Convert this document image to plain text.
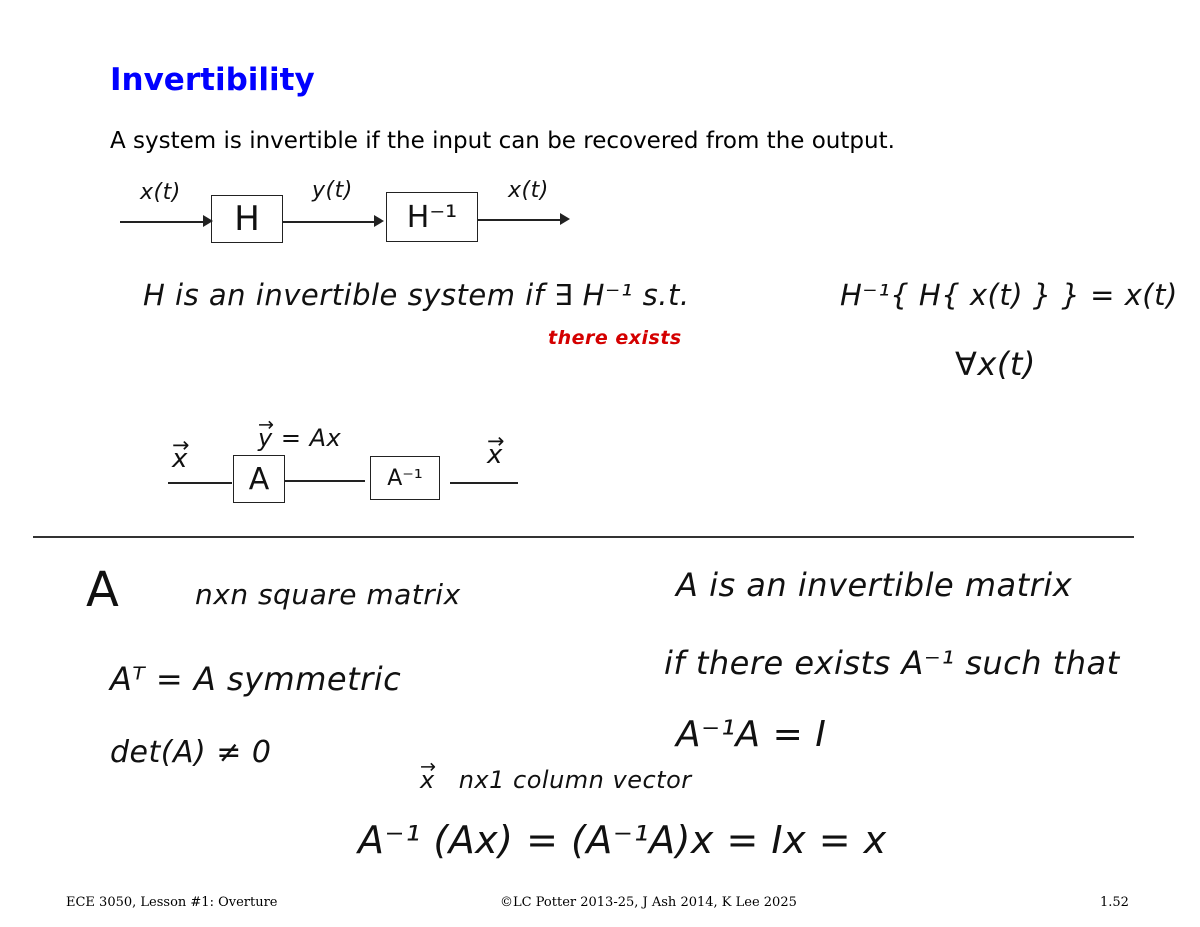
Invertibility

A system is invertible if the input can be recovered from the output.

x(t)
H
y(t)
H⁻¹
x(t)
H is an invertible system if ∃ H⁻¹ s.t.	H⁻¹{ H{ x(t) } } = x(t)
there exists
∀x(t)
→ x
A
→ y = Ax
A⁻¹
→ x
A	nxn square matrix
Aᵀ = A symmetric
det(A) ≠ 0
A is an invertible matrix
if there exists A⁻¹ such that
A⁻¹A = I
→ x nx1 column vector
A⁻¹ (Ax) = (A⁻¹A)x = Ix = x
ECE 3050, Lesson #1: Overture	©LC Potter 2013-25, J Ash 2014, K Lee 2025	1.52
